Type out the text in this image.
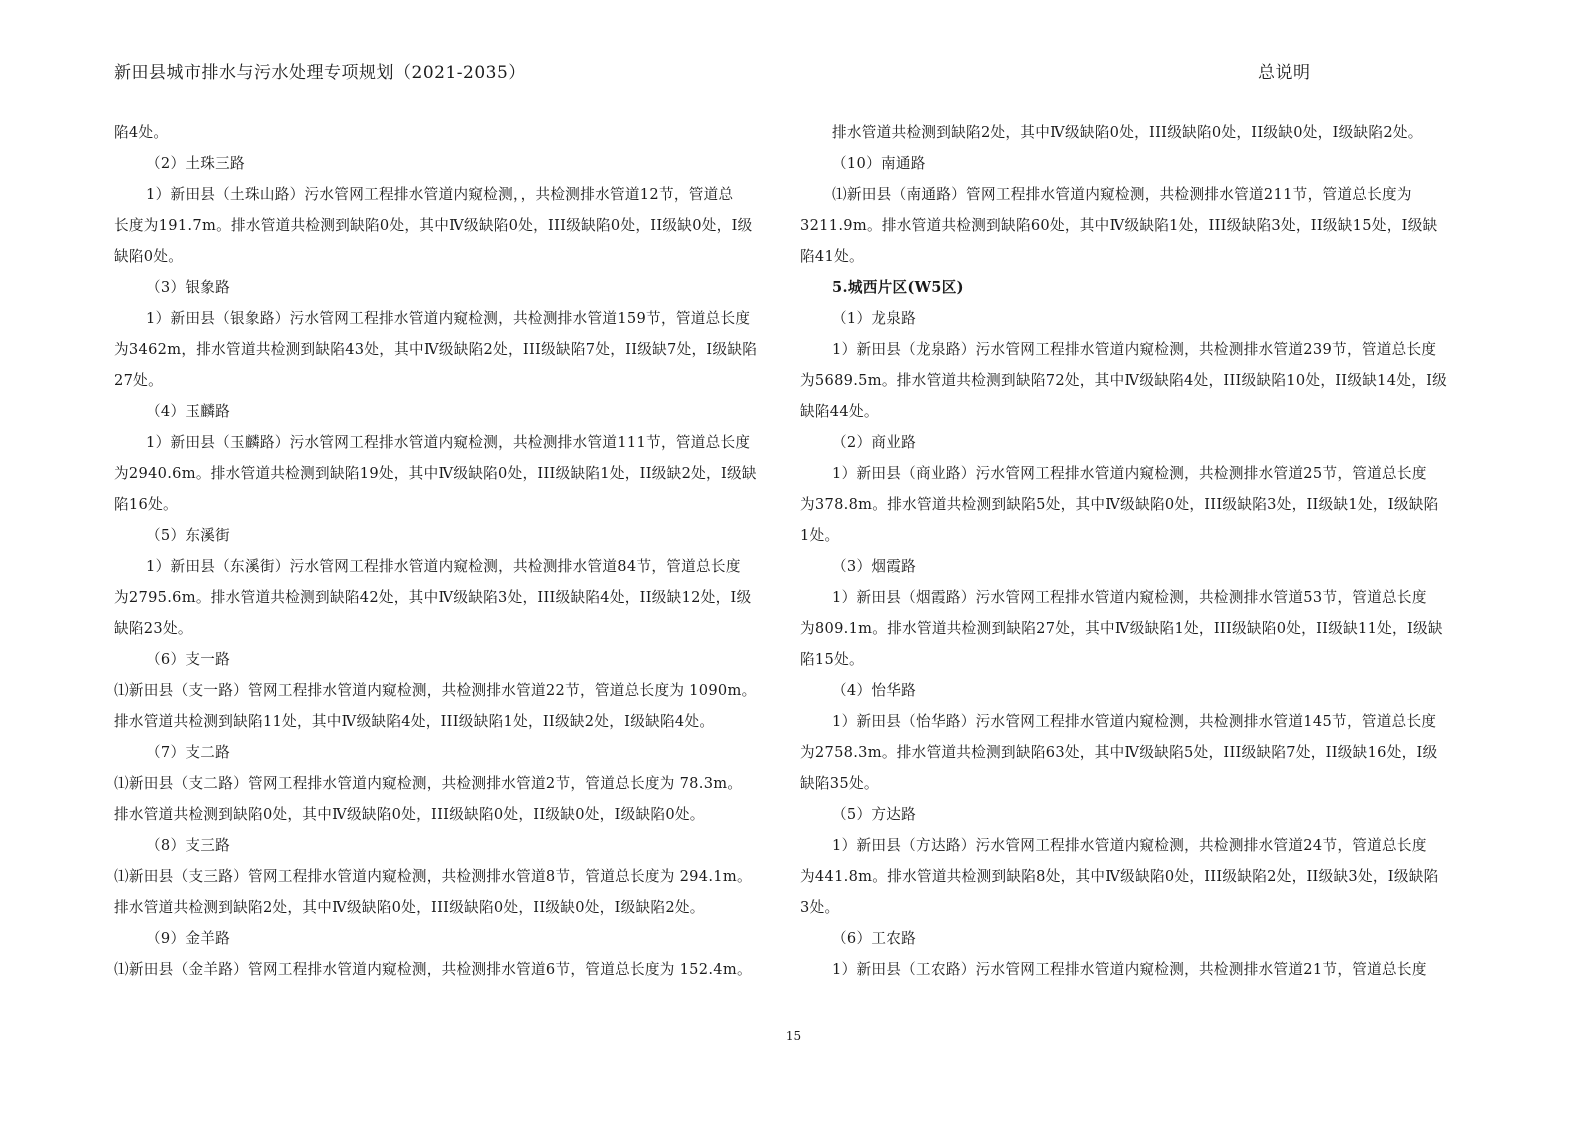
新田县城市排水与污水处理专项规划（2021-2035）	总说明

陷4处。

（2）土珠三路

1）新田县（土珠山路）污水管网工程排水管道内窥检测，，共检测排水管道12节，管道总

长度为191.7m。排水管道共检测到缺陷0处，其中Ⅳ级缺陷0处，III级缺陷0处，II级缺0处，Ⅰ级

缺陷0处。

（3）银象路

1）新田县（银象路）污水管网工程排水管道内窥检测，共检测排水管道159节，管道总长度

为3462m，排水管道共检测到缺陷43处，其中Ⅳ级缺陷2处，III级缺陷7处，II级缺7处，Ⅰ级缺陷

27处。

（4）玉麟路

1）新田县（玉麟路）污水管网工程排水管道内窥检测，共检测排水管道111节，管道总长度

为2940.6m。排水管道共检测到缺陷19处，其中Ⅳ级缺陷0处，III级缺陷1处，II级缺2处，Ⅰ级缺

陷16处。

（5）东溪街

1）新田县（东溪街）污水管网工程排水管道内窥检测，共检测排水管道84节，管道总长度

为2795.6m。排水管道共检测到缺陷42处，其中Ⅳ级缺陷3处，III级缺陷4处，II级缺12处，Ⅰ级

缺陷23处。

（6）支一路

⑴新田县（支一路）管网工程排水管道内窥检测，共检测排水管道22节，管道总长度为 1090m。

排水管道共检测到缺陷11处，其中Ⅳ级缺陷4处，III级缺陷1处，II级缺2处，Ⅰ级缺陷4处。

（7）支二路

⑴新田县（支二路）管网工程排水管道内窥检测，共检测排水管道2节，管道总长度为 78.3m。

排水管道共检测到缺陷0处，其中Ⅳ级缺陷0处，III级缺陷0处，II级缺0处，Ⅰ级缺陷0处。

（8）支三路

⑴新田县（支三路）管网工程排水管道内窥检测，共检测排水管道8节，管道总长度为 294.1m。

排水管道共检测到缺陷2处，其中Ⅳ级缺陷0处，III级缺陷0处，II级缺0处，Ⅰ级缺陷2处。

（9）金羊路

⑴新田县（金羊路）管网工程排水管道内窥检测，共检测排水管道6节，管道总长度为 152.4m。

排水管道共检测到缺陷2处，其中Ⅳ级缺陷0处，III级缺陷0处，II级缺0处，Ⅰ级缺陷2处。

（10）南通路

⑴新田县（南通路）管网工程排水管道内窥检测，共检测排水管道211节，管道总长度为

3211.9m。排水管道共检测到缺陷60处，其中Ⅳ级缺陷1处，III级缺陷3处，II级缺15处，Ⅰ级缺

陷41处。

5.城西片区(W5区)

（1）龙泉路

1）新田县（龙泉路）污水管网工程排水管道内窥检测，共检测排水管道239节，管道总长度

为5689.5m。排水管道共检测到缺陷72处，其中Ⅳ级缺陷4处，III级缺陷10处，II级缺14处，Ⅰ级

缺陷44处。

（2）商业路

1）新田县（商业路）污水管网工程排水管道内窥检测，共检测排水管道25节，管道总长度

为378.8m。排水管道共检测到缺陷5处，其中Ⅳ级缺陷0处，III级缺陷3处，II级缺1处，Ⅰ级缺陷

1处。

（3）烟霞路

1）新田县（烟霞路）污水管网工程排水管道内窥检测，共检测排水管道53节，管道总长度

为809.1m。排水管道共检测到缺陷27处，其中Ⅳ级缺陷1处，III级缺陷0处，II级缺11处，Ⅰ级缺

陷15处。

（4）怡华路

1）新田县（怡华路）污水管网工程排水管道内窥检测，共检测排水管道145节，管道总长度

为2758.3m。排水管道共检测到缺陷63处，其中Ⅳ级缺陷5处，III级缺陷7处，II级缺16处，Ⅰ级

缺陷35处。

（5）方达路

1）新田县（方达路）污水管网工程排水管道内窥检测，共检测排水管道24节，管道总长度

为441.8m。排水管道共检测到缺陷8处，其中Ⅳ级缺陷0处，III级缺陷2处，II级缺3处，Ⅰ级缺陷

3处。

（6）工农路

1）新田县（工农路）污水管网工程排水管道内窥检测，共检测排水管道21节，管道总长度

15
